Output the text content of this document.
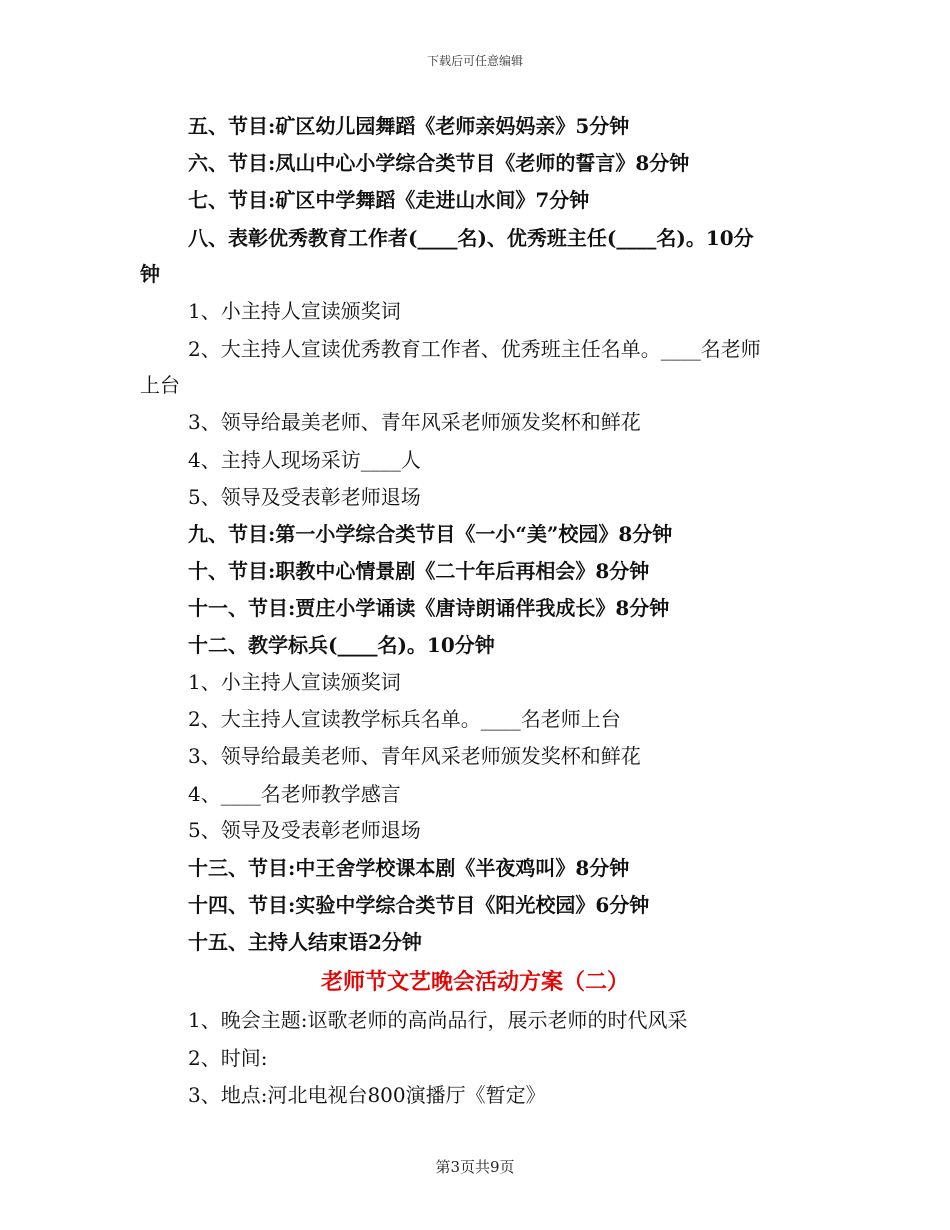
下载后可任意编辑
五、节目:矿区幼儿园舞蹈《老师亲妈妈亲》5分钟
六、节目:凤山中心小学综合类节目《老师的誓言》8分钟
七、节目:矿区中学舞蹈《走进山水间》7分钟
八、表彰优秀教育工作者(____名)、优秀班主任(____名)。10分
钟
1、小主持人宣读颁奖词
2、大主持人宣读优秀教育工作者、优秀班主任名单。____名老师
上台
3、领导给最美老师、青年风采老师颁发奖杯和鲜花
4、主持人现场采访____人
5、领导及受表彰老师退场
九、节目:第一小学综合类节目《一小“美”校园》8分钟
十、节目:职教中心情景剧《二十年后再相会》8分钟
十一、节目:贾庄小学诵读《唐诗朗诵伴我成长》8分钟
十二、教学标兵(____名)。10分钟
1、小主持人宣读颁奖词
2、大主持人宣读教学标兵名单。____名老师上台
3、领导给最美老师、青年风采老师颁发奖杯和鲜花
4、____名老师教学感言
5、领导及受表彰老师退场
十三、节目:中王舍学校课本剧《半夜鸡叫》8分钟
十四、节目:实验中学综合类节目《阳光校园》6分钟
十五、主持人结束语2分钟
老师节文艺晚会活动方案（二）
1、晚会主题:讴歌老师的高尚品行，展示老师的时代风采
2、时间:
3、地点:河北电视台800演播厅《暂定》
第3页共9页
